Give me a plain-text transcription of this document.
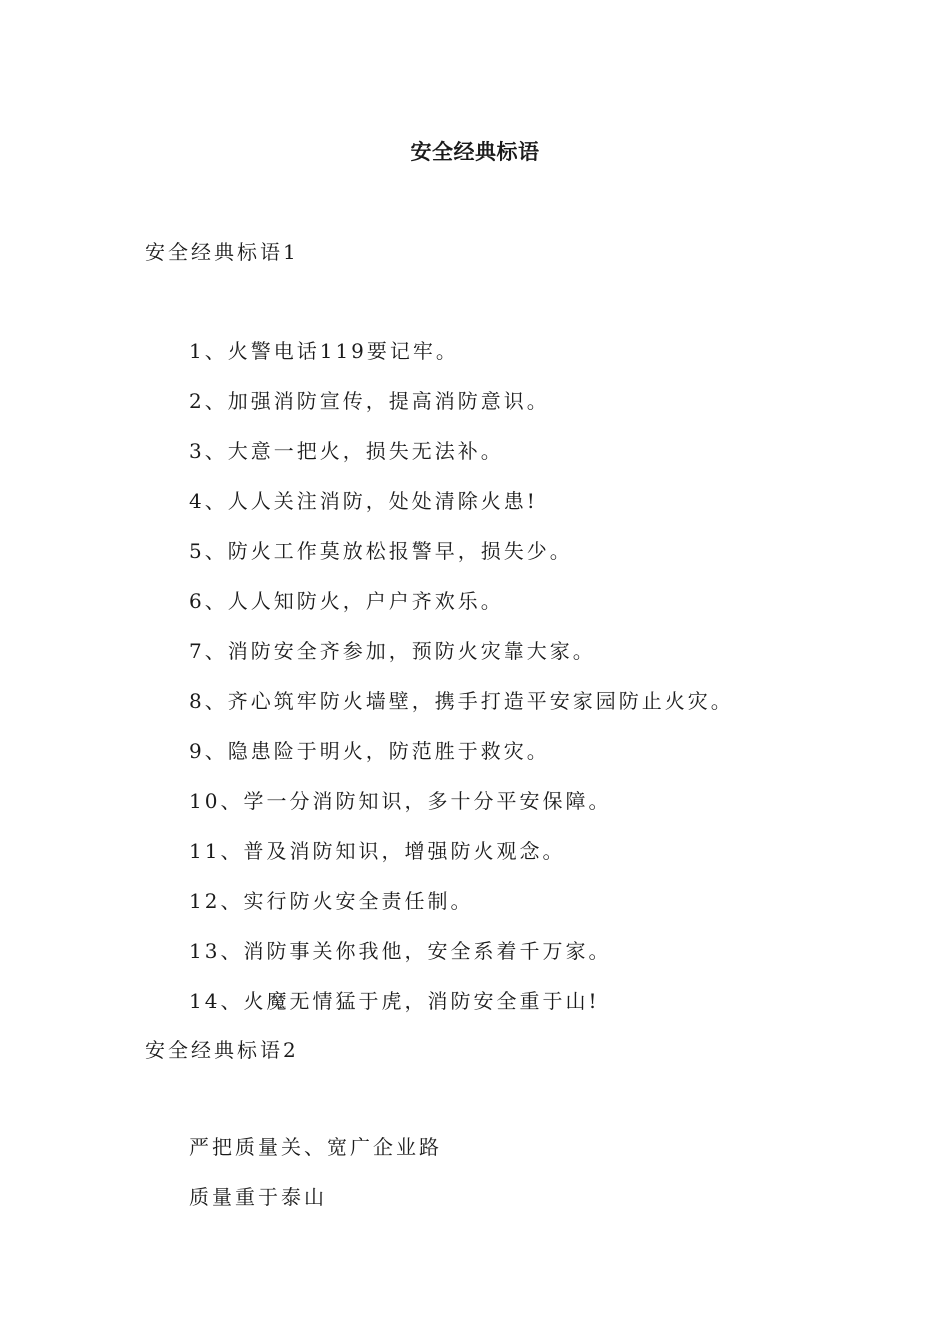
安全经典标语
安全经典标语1
1、火警电话119要记牢。
2、加强消防宣传，提高消防意识。
3、大意一把火，损失无法补。
4、人人关注消防，处处清除火患!
5、防火工作莫放松报警早，损失少。
6、人人知防火，户户齐欢乐。
7、消防安全齐参加，预防火灾靠大家。
8、齐心筑牢防火墙壁，携手打造平安家园防止火灾。
9、隐患险于明火，防范胜于救灾。
10、学一分消防知识，多十分平安保障。
11、普及消防知识，增强防火观念。
12、实行防火安全责任制。
13、消防事关你我他，安全系着千万家。
14、火魔无情猛于虎，消防安全重于山!
安全经典标语2
严把质量关、宽广企业路
质量重于泰山
